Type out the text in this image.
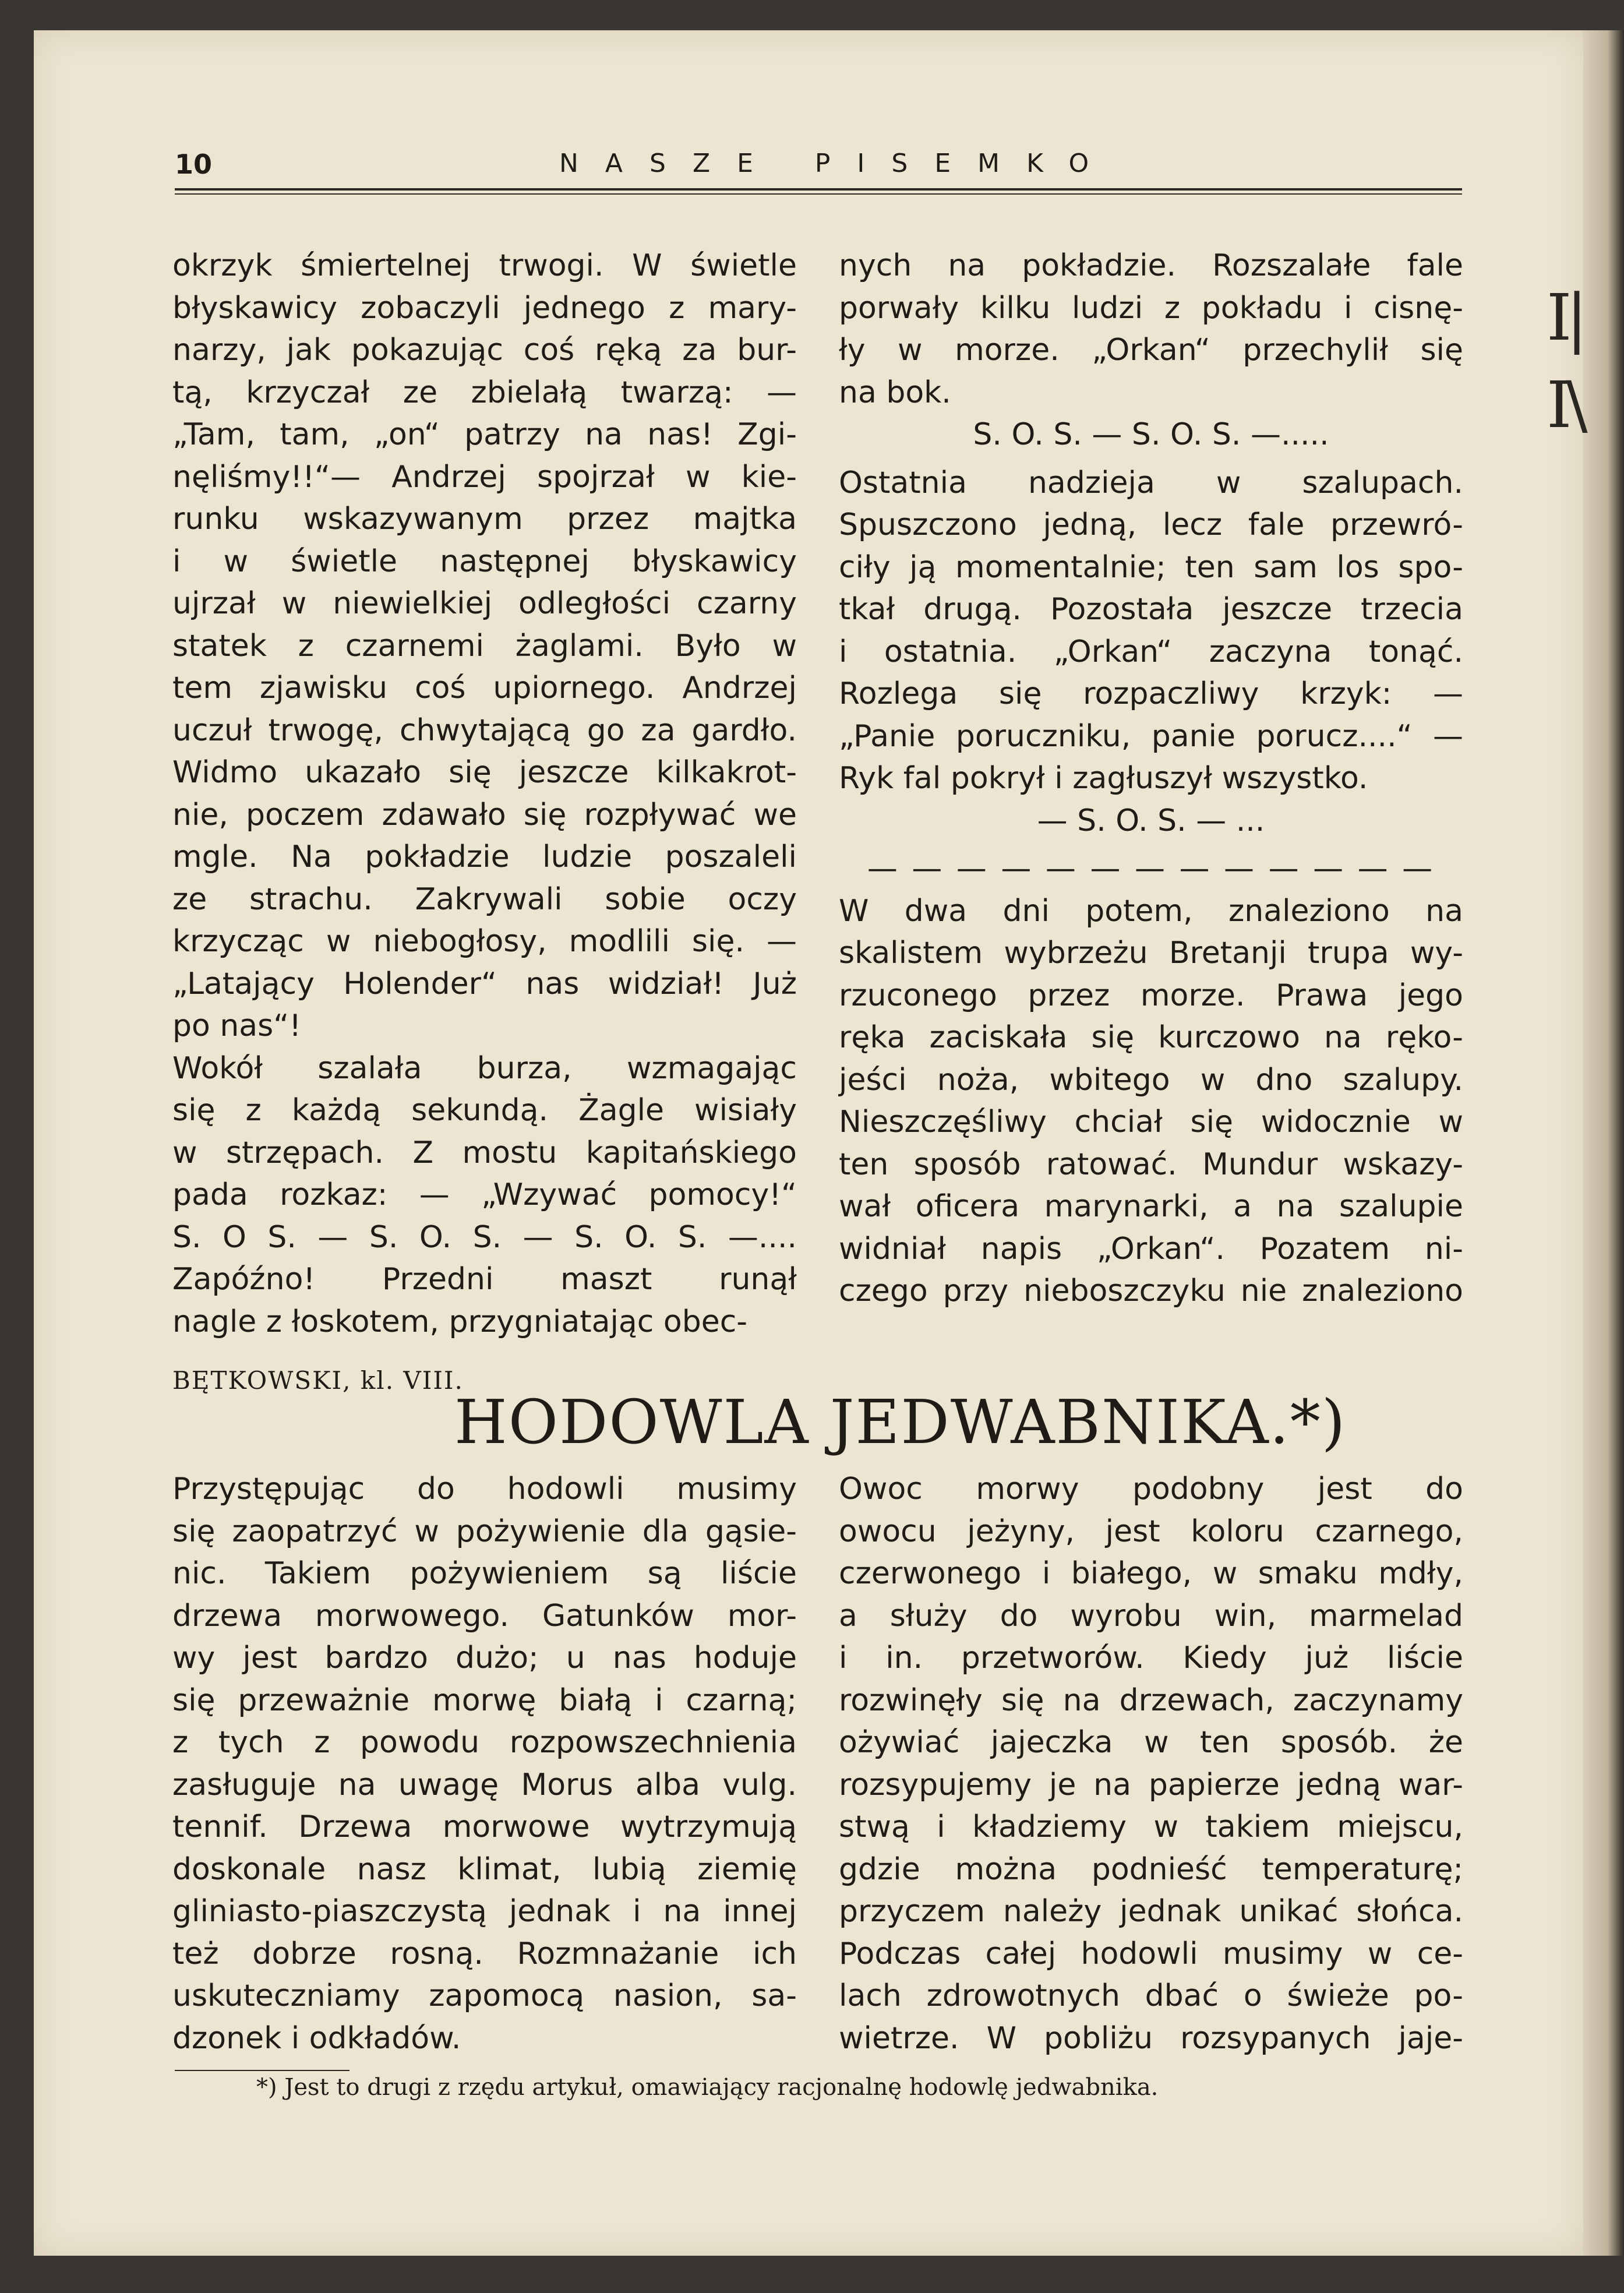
I|
I\
10	NASZE PISEMKO
okrzyk śmiertelnej trwogi. W świetle
błyskawicy zobaczyli jednego z mary-
narzy, jak pokazując coś ręką za bur-
tą, krzyczał ze zbielałą twarzą: —
„Tam, tam, „on“ patrzy na nas! Zgi-
nęliśmy!!“— Andrzej spojrzał w kie-
runku wskazywanym przez majtka
i w świetle następnej błyskawicy
ujrzał w niewielkiej odległości czarny
statek z czarnemi żaglami. Było w
tem zjawisku coś upiornego. Andrzej
uczuł trwogę, chwytającą go za gardło.
Widmo ukazało się jeszcze kilkakrot-
nie, poczem zdawało się rozpływać we
mgle. Na pokładzie ludzie poszaleli
ze strachu. Zakrywali sobie oczy
krzycząc w niebogłosy, modlili się. —
„Latający Holender“ nas widział! Już
po nas“!
Wokół szalała burza, wzmagając
się z każdą sekundą. Żagle wisiały
w strzępach. Z mostu kapitańskiego
pada rozkaz: — „Wzywać pomocy!“
S. O S. — S. O. S. — S. O. S. —....
Zapóźno! Przedni maszt runął
nagle z łoskotem, przygniatając obec-
nych na pokładzie. Rozszalałe fale
porwały kilku ludzi z pokładu i cisnę-
ły w morze. „Orkan“ przechylił się
na bok.
S. O. S. — S. O. S. —.....
Ostatnia nadzieja w szalupach.
Spuszczono jedną, lecz fale przewró-
ciły ją momentalnie; ten sam los spo-
tkał drugą. Pozostała jeszcze trzecia
i ostatnia. „Orkan“ zaczyna tonąć.
Rozlega się rozpaczliwy krzyk: —
„Panie poruczniku, panie porucz....“ —
Ryk fal pokrył i zagłuszył wszystko.
— S. O. S. — ...
— — — — — — — — — — — — —
W dwa dni potem, znaleziono na
skalistem wybrzeżu Bretanji trupa wy-
rzuconego przez morze. Prawa jego
ręka zaciskała się kurczowo na ręko-
jeści noża, wbitego w dno szalupy.
Nieszczęśliwy chciał się widocznie w
ten sposób ratować. Mundur wskazy-
wał oficera marynarki, a na szalupie
widniał napis „Orkan“. Pozatem ni-
czego przy nieboszczyku nie znaleziono
BĘTKOWSKI, kl. VIII.
HODOWLA JEDWABNIKA.*)
Przystępując do hodowli musimy
się zaopatrzyć w pożywienie dla gąsie-
nic. Takiem pożywieniem są liście
drzewa morwowego. Gatunków mor-
wy jest bardzo dużo; u nas hoduje
się przeważnie morwę białą i czarną;
z tych z powodu rozpowszechnienia
zasługuje na uwagę Morus alba vulg.
tennif. Drzewa morwowe wytrzymują
doskonale nasz klimat, lubią ziemię
gliniasto-piaszczystą jednak i na innej
też dobrze rosną. Rozmnażanie ich
uskuteczniamy zapomocą nasion, sa-
dzonek i odkładów.
Owoc morwy podobny jest do
owocu jeżyny, jest koloru czarnego,
czerwonego i białego, w smaku mdły,
a służy do wyrobu win, marmelad
i in. przetworów. Kiedy już liście
rozwinęły się na drzewach, zaczynamy
ożywiać jajeczka w ten sposób. że
rozsypujemy je na papierze jedną war-
stwą i kładziemy w takiem miejscu,
gdzie można podnieść temperaturę;
przyczem należy jednak unikać słońca.
Podczas całej hodowli musimy w ce-
lach zdrowotnych dbać o świeże po-
wietrze. W pobliżu rozsypanych jaje-
*) Jest to drugi z rzędu artykuł, omawiający racjonalnę hodowlę jedwabnika.
